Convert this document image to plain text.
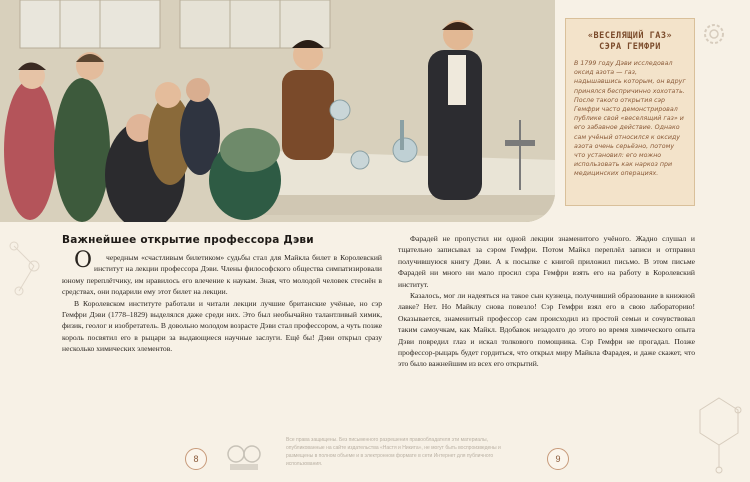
«ВЕСЕЛЯЩИЙ ГАЗ» СЭРА ГЕМФРИ
В 1799 году Дэви исследовал оксид азота — газ, надышавшись которым, он вдруг принялся беспричинно хохотать. После такого открытия сэр Гемфри часто демонстрировал публике свой «веселящий газ» и его забавное действие. Однако сам учёный относился к оксиду азота очень серьёзно, потому что установил: его можно использовать как наркоз при медицинских операциях.
Важнейшее открытие профессора Дэви

Очередным «счастливым билетиком» судьбы стал для Майкла билет в Королевский институт на лекции профессора Дэви. Члены философского общества симпатизировали юному переплётчику, им нравилось его влечение к наукам. Зная, что молодой человек стеснён в средствах, они подарили ему этот билет на лекции.

В Королевском институте работали и читали лекции лучшие британские учёные, но сэр Гемфри Дэви (1778–1829) выделялся даже среди них. Это был необычайно талантливый химик, физик, геолог и изобретатель. В довольно молодом возрасте Дэви стал профессором, а чуть позже король посвятил его в рыцари за выдающиеся научные заслуги. Ещё бы! Дэви открыл сразу несколько химических элементов.

Фарадей не пропустил ни одной лекции знаменитого учёного. Жадно слушал и тщательно записывал за сэром Гемфри. Потом Майкл переплёл записи и отправил получившуюся книгу Дэви. А к посылке с книгой приложил письмо. В этом письме Фарадей ни много ни мало просил сэра Гемфри взять его на работу в Королевский институт.

Казалось, мог ли надеяться на такое сын кузнеца, получивший образование в книжной лавке? Нет. Но Майклу снова повезло! Сэр Гемфри взял его в свою лабораторию! Оказывается, знаменитый профессор сам происходил из простой семьи и сочувствовал таким самоучкам, как Майкл. Вдобавок незадолго до этого во время химического опыта Дэви повредил глаз и искал толкового помощника. Сэр Гемфри не прогадал. Позже профессор-рыцарь будет гордиться, что открыл миру Майкла Фарадея, и даже скажет, что это было важнейшим из всех его открытий.

8
Все права защищены. Без письменного разрешения правообладателя эти материалы, опубликованные на сайте издательства «Настя и Никита», не могут быть воспроизведены и размещены в полном объеме и в электронном формате в сети Интернет для публичного использования.	9
